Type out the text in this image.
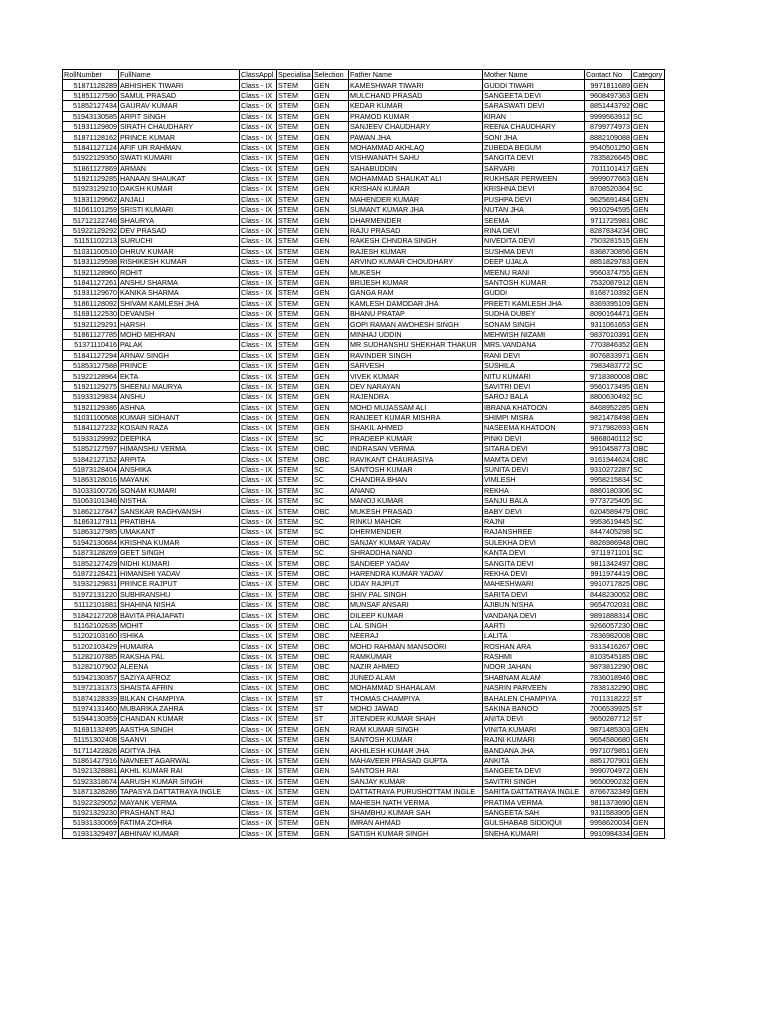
RollNumber	FullName	ClassAppl	Specialisa	Selection	Father Name	Mother Name	Contact No	Category
51871128289	ABHISHEK TIWARI	Class - IX	STEM	GEN	KAMESHWAR TIWARI	GUDDI TIWARI	9971811689	GEN
51851127590	SAMUL PRASAD	Class - IX	STEM	GEN	MULCHAND PRASAD	SANGEETA DEVI	9608497363	GEN
51852127434	GAURAV KUMAR	Class - IX	STEM	GEN	KEDAR KUMAR	SARASWATI DEVI	8851443792	OBC
51943130585	ARPIT SINGH	Class - IX	STEM	GEN	PRAMOD KUMAR	KIRAN	9999563912	SC
51931129809	SIRATH CHAUDHARY	Class - IX	STEM	GEN	SANJEEV CHAUDHARY	REENA CHAUDHARY	8799774973	GEN
51871128162	PRINCE KUMAR	Class - IX	STEM	GEN	PAWAN JHA	SONI JHA	8882109088	GEN
51841127124	AFIF UR RAHMAN	Class - IX	STEM	GEN	MOHAMMAD AKHLAQ	ZUBEDA BEGUM	9540501250	GEN
51922129350	SWATI KUMARI	Class - IX	STEM	GEN	VISHWANATH SAHU	SANGITA DEVI	7835826645	OBC
51861127869	ARMAN	Class - IX	STEM	GEN	SAHABUDDIN	SARVARI	7011101417	GEN
51921129285	HANAAN SHAUKAT	Class - IX	STEM	GEN	MOHAMMAD SHAUKAT ALI	RUKHSAR PERWEEN	9999077663	GEN
51923129210	DAKSH KUMAR	Class - IX	STEM	GEN	KRISHAN KUMAR	KRISHNA DEVI	8708520364	SC
51931129562	ANJALI	Class - IX	STEM	GEN	MAHENDER KUMAR	PUSHPA DEVI	9625691484	GEN
51061101259	SRISTI KUMARI	Class - IX	STEM	GEN	SUMANT KUMAR JHA	NUTAN JHA	9910294595	GEN
51712122746	SHAURYA	Class - IX	STEM	GEN	DHARMENDER	SEEMA	9711725981	OBC
51922129292	DEV PRASAD	Class - IX	STEM	GEN	RAJU PRASAD	RINA DEVI	8287834234	OBC
51151102213	SURUCHI	Class - IX	STEM	GEN	RAKESH CHNDRA SINGH	NIVEDITA DEVI	7503281515	GEN
51031100510	DHRUV KUMAR	Class - IX	STEM	GEN	RAJESH KUMAR	SUSHMA DEVI	8368730856	GEN
51931129598	RISHIKESH KUMAR	Class - IX	STEM	GEN	ARVIND KUMAR CHOUDHARY	DEEP UJALA	8851829783	GEN
51921128960	ROHIT	Class - IX	STEM	GEN	MUKESH	MEENU RANI	9560374755	GEN
51841127261	ANSHU SHARMA	Class - IX	STEM	GEN	BRIJESH KUMAR	SANTOSH KUMAR	7532087912	GEN
51931129670	KANIKA SHARMA	Class - IX	STEM	GEN	GANGA RAM	GUDDI	8168710392	GEN
51861128092	SHIVAM KAMLESH JHA	Class - IX	STEM	GEN	KAMLESH DAMODAR JHA	PREETI KAMLESH JHA	8369395109	GEN
51691122530	DEVANSH	Class - IX	STEM	GEN	BHANU PRATAP	SUDHA DUBEY	8090164471	GEN
51921129291	HARSH	Class - IX	STEM	GEN	GOPI RAMAN AWDHESH SINGH	SONAM SINGH	9311061653	GEN
51861127785	MOHD MEHRAN	Class - IX	STEM	GEN	MINHAJ UDDIN	MEHWISH NIZAMI	9837010391	GEN
51371110416	PALAK	Class - IX	STEM	GEN	MR SUDHANSHU SHEKHAR THAKUR	MRS.VANDANA	7703846352	GEN
51841127294	ARNAV SINGH	Class - IX	STEM	GEN	RAVINDER SINGH	RANI DEVI	8076833971	GEN
51853127588	PRINCE	Class - IX	STEM	GEN	SARVESH	SUSHILA	7983483772	SC
51922128964	EKTA	Class - IX	STEM	GEN	VIVEK KUMAR	NITU KUMARI	9718380008	OBC
51921129275	SHEENU MAURYA	Class - IX	STEM	GEN	DEV NARAYAN	SAVITRI DEVI	9560173495	GEN
51933129834	ANSHU	Class - IX	STEM	GEN	RAJENDRA	SAROJ BALA	8800630492	SC
51921129386	ASHNA	Class - IX	STEM	GEN	MOHD MUJASSAM ALI	IBRANA KHATOON	8468952285	GEN
51031100568	KUMAR SIDHANT	Class - IX	STEM	GEN	RANJEET KUMAR MISHRA	SHIMPI MISRA	9821478498	GEN
51841127232	KOSAIN RAZA	Class - IX	STEM	GEN	SHAKIL AHMED	NASEEMA KHATOON	9717982693	GEN
51933129992	DEEPIKA	Class - IX	STEM	SC	PRADEEP KUMAR	PINKI DEVI	9868040112	SC
51852127597	HIMANSHU VERMA	Class - IX	STEM	OBC	INDRASAN VERMA	SITARA DEVI	9910458773	OBC
51842127152	ARPITA	Class - IX	STEM	OBC	RAVIKANT CHAURASIYA	MAMTA DEVI	9161944624	OBC
51873128404	ANSHIKA	Class - IX	STEM	SC	SANTOSH KUMAR	SUNITA DEVI	9310272287	SC
51863128016	MAYANK	Class - IX	STEM	SC	CHANDRA BHAN	VIMLESH	9958215834	SC
51033100726	SONAM KUMARI	Class - IX	STEM	SC	ANAND	REKHA	8860180306	SC
51063101346	NISTHA	Class - IX	STEM	SC	MANOJ KUMAR	SANJU BALA	9773725405	SC
51862127847	SANSKAR RAGHVANSH	Class - IX	STEM	OBC	MUKESH PRASAD	BABY DEVI	6204589479	OBC
51863127911	PRATIBHA	Class - IX	STEM	SC	RINKU MAHOR	RAJNI	9953619445	SC
51863127985	UMAKANT	Class - IX	STEM	SC	DHERMENDER	RAJANSHREE	8447405298	SC
51942130684	KRISHNA KUMAR	Class - IX	STEM	OBC	SANJAY KUMAR YADAV	SULEKHA DEVI	8826986948	OBC
51873128269	GEET SINGH	Class - IX	STEM	SC	SHRADDHA NAND	KANTA DEVI	9711971101	SC
51852127429	NIDHI KUMARI	Class - IX	STEM	OBC	SANDEEP YADAV	SANGITA DEVI	9811342497	OBC
51872128421	HIMANSHI YADAV	Class - IX	STEM	OBC	HARENDRA KUMAR YADAV	REKHA DEVI	9911974419	OBC
51932129831	PRINCE RAJPUT	Class - IX	STEM	OBC	UDAY RAJPUT	MAHESHWARI	9910717825	OBC
51972131220	SUBHRANSHU	Class - IX	STEM	OBC	SHIV PAL SINGH	SARITA DEVI	8448230052	OBC
51112101881	SHAHINA NISHA	Class - IX	STEM	OBC	MUNSAF ANSARI	AJIBUN NISHA	9654702031	OBC
51842127208	BAVITA PRAJAPATI	Class - IX	STEM	OBC	DILEEP KUMAR	VANDANA DEVI	9891888314	OBC
51162102635	MOHIT	Class - IX	STEM	OBC	LAL SINGH	AARTI	9266057230	OBC
51202103160	ISHIKA	Class - IX	STEM	OBC	NEERAJ	LALITA	7836982008	OBC
51202103429	HUMAIRA	Class - IX	STEM	OBC	MOHD RAHMAN MANSOORI	ROSHAN ARA	9313416267	OBC
51282107885	RAKSHA PAL	Class - IX	STEM	OBC	RAMKUMAR	RASHMI	8103545185	OBC
51282107902	ALEENA	Class - IX	STEM	OBC	NAZIR AHMED	NOOR JAHAN	9873812290	OBC
51942130357	SAZIYA AFROZ	Class - IX	STEM	OBC	JUNED ALAM	SHABNAM ALAM	7836018946	OBC
51972131373	SHAISTA AFRIN	Class - IX	STEM	OBC	MOHAMMAD SHAHALAM	NASRIN PARVEEN	7838132290	OBC
51874128339	BILKAN CHAMPIYA	Class - IX	STEM	ST	THOMAS CHAMPIYA	BAHALEN CHAMPIYA	7011318222	ST
51974131460	MUBARIKA ZAHRA	Class - IX	STEM	ST	MOHD JAWAD	SAKINA BANOO	7006539925	ST
51944130359	CHANDAN KUMAR	Class - IX	STEM	ST	JITENDER KUMAR SHAH	ANITA DEVI	9650287712	ST
51691132495	AASTHA SINGH	Class - IX	STEM	GEN	RAM KUMAR SINGH	VINITA KUMARI	9871485303	GEN
51151302408	SAANVI	Class - IX	STEM	GEN	SANTOSH KUMAR	RAJNI KUMARI	9654580680	GEN
51711422826	ADITYA JHA	Class - IX	STEM	GEN	AKHILESH KUMAR JHA	BANDANA JHA	9971079851	GEN
51861427916	NAVNEET AGARWAL	Class - IX	STEM	GEN	MAHAVEER PRASAD GUPTA	ANKITA	8851707901	GEN
51921328881	AKHIL KUMAR RAI	Class - IX	STEM	GEN	SANTOSH RAI	SANGEETA DEVI	9990704972	GEN
51923318674	AARUSH KUMAR SINGH	Class - IX	STEM	GEN	SANJAY KUMAR	SAVITRI SINGH	9650090232	GEN
51871328286	TAPASYA DATTATRAYA INGLE	Class - IX	STEM	GEN	DATTATRAYA PURUSHOTTAM INGLE	SARITA DATTATRAYA INGLE	8766732349	GEN
51922329052	MAYANK VERMA	Class - IX	STEM	GEN	MAHESH NATH VERMA	PRATIMA VERMA	9811373690	GEN
51921329230	PRASHANT RAJ	Class - IX	STEM	GEN	SHAMBHU KUMAR SAH	SANGEETA SAH	9311583905	GEN
51931330069	FATIMA ZOHRA	Class - IX	STEM	GEN	IMRAN AHMAD	GULSHABAB SIDDIQUI	9958620034	GEN
51931329497	ABHINAV KUMAR	Class - IX	STEM	GEN	SATISH KUMAR SINGH	SNEHA KUMARI	9910984334	GEN
